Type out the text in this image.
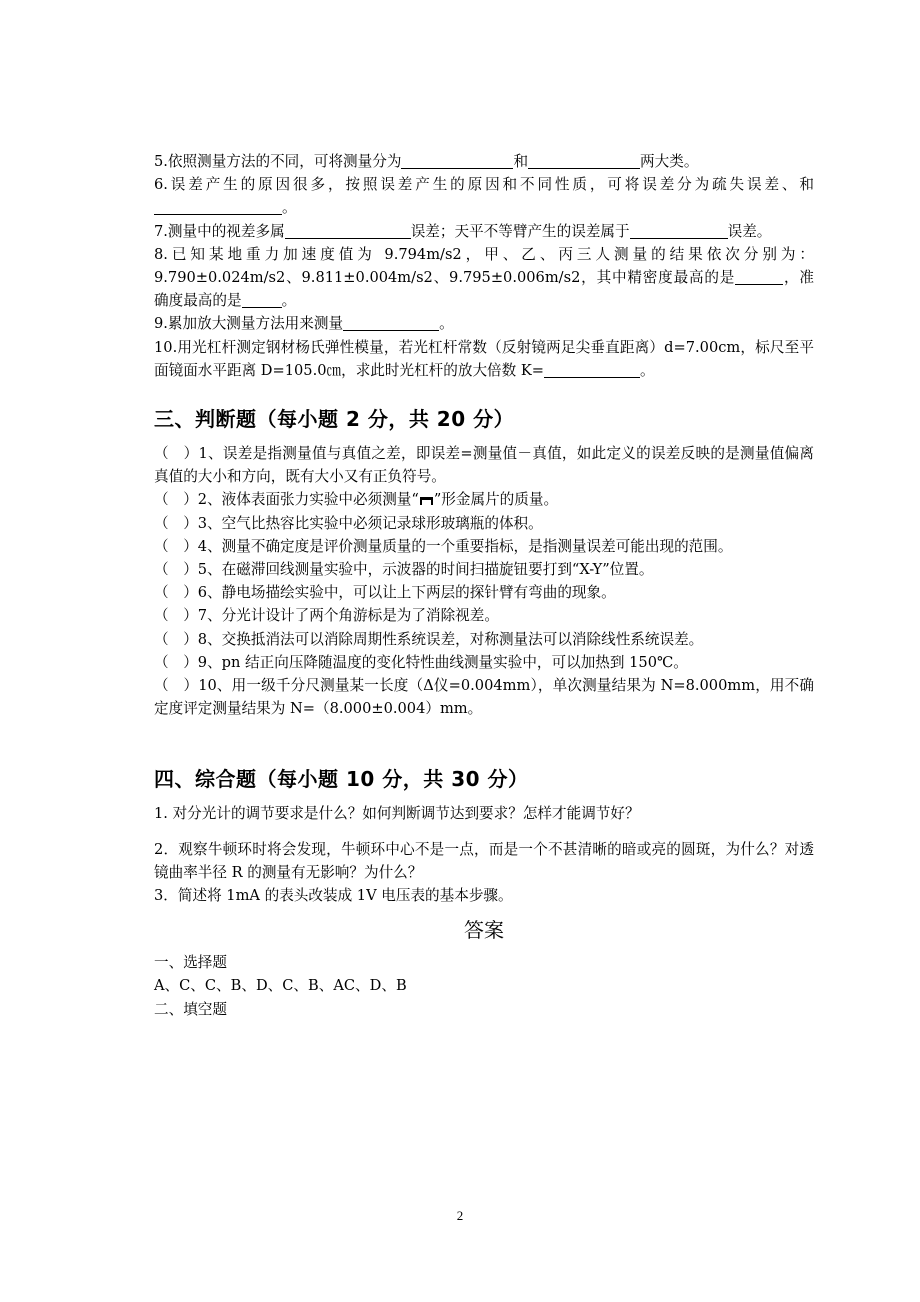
5.依照测量方法的不同，可将测量分为	和	两大类。

6.误差产生的原因很多，按照误差产生的原因和不同性质，可将误差分为疏失误差、和。

7.测量中的视差多属	误差；天平不等臂产生的误差属于	误差。

8.已知某地重力加速度值为 9.794m/s2，甲、乙、丙三人测量的结果依次分别为：9.790±0.024m/s2、9.811±0.004m/s2、9.795±0.006m/s2，其中精密度最高的是	，准确度最高的是	。

9.累加放大测量方法用来测量	。

10.用光杠杆测定钢材杨氏弹性模量，若光杠杆常数（反射镜两足尖垂直距离）d=7.00cm，标尺至平面镜面水平距离 D=105.0㎝，求此时光杠杆的放大倍数 K=	。

三、判断题（每小题 2 分，共 20 分）

（　）1、误差是指测量值与真值之差，即误差=测量值－真值，如此定义的误差反映的是测量值偏离真值的大小和方向，既有大小又有正负符号。

（　）2、液体表面张力实验中必须测量“ ”形金属片的质量。

（　）3、空气比热容比实验中必须记录球形玻璃瓶的体积。

（　）4、测量不确定度是评价测量质量的一个重要指标，是指测量误差可能出现的范围。

（　）5、在磁滞回线测量实验中，示波器的时间扫描旋钮要打到“X-Y”位置。

（　）6、静电场描绘实验中，可以让上下两层的探针臂有弯曲的现象。

（　）7、分光计设计了两个角游标是为了消除视差。

（　）8、交换抵消法可以消除周期性系统误差，对称测量法可以消除线性系统误差。

（　）9、pn 结正向压降随温度的变化特性曲线测量实验中，可以加热到 150℃。

（　）10、用一级千分尺测量某一长度（Δ仪=0.004mm），单次测量结果为 N=8.000mm，用不确定度评定测量结果为 N=（8.000±0.004）mm。

四、综合题（每小题 10 分，共 30 分）

1. 对分光计的调节要求是什么？如何判断调节达到要求？怎样才能调节好？

2．观察牛顿环时将会发现，牛顿环中心不是一点，而是一个不甚清晰的暗或亮的圆斑，为什么？对透镜曲率半径 R 的测量有无影响？为什么？

3．简述将 1mA 的表头改装成 1V 电压表的基本步骤。

答案

一、选择题

A、C、C、B、D、C、B、AC、D、B

二、填空题

2
